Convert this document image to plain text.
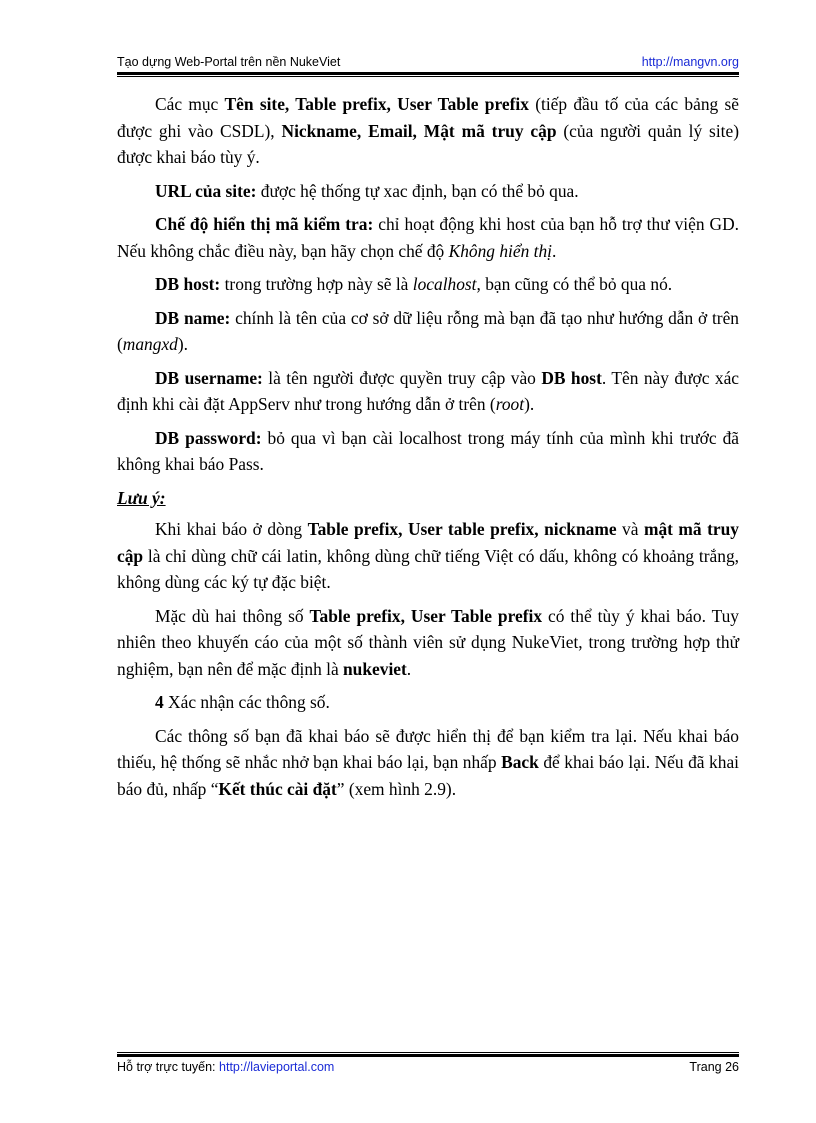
Tạo dựng Web-Portal trên nền NukeViet	http://mangvn.org

Các mục Tên site, Table prefix, User Table prefix (tiếp đầu tố của các bảng sẽ được ghi vào CSDL), Nickname, Email, Mật mã truy cập (của người quản lý site) được khai báo tùy ý.

URL của site: được hệ thống tự xac định, bạn có thể bỏ qua.

Chế độ hiển thị mã kiểm tra: chỉ hoạt động khi host của bạn hỗ trợ thư viện GD. Nếu không chắc điều này, bạn hãy chọn chế độ Không hiển thị.

DB host: trong trường hợp này sẽ là localhost, bạn cũng có thể bỏ qua nó.

DB name: chính là tên của cơ sở dữ liệu rỗng mà bạn đã tạo như hướng dẫn ở trên (mangxd).

DB username: là tên người được quyền truy cập vào DB host. Tên này được xác định khi cài đặt AppServ như trong hướng dẫn ở trên (root).

DB password: bỏ qua vì bạn cài localhost trong máy tính của mình khi trước đã không khai báo Pass.

Lưu ý:

Khi khai báo ở dòng Table prefix, User table prefix, nickname và mật mã truy cập là chỉ dùng chữ cái latin, không dùng chữ tiếng Việt có dấu, không có khoảng trắng, không dùng các ký tự đặc biệt.

Mặc dù hai thông số Table prefix, User Table prefix có thể tùy ý khai báo. Tuy nhiên theo khuyến cáo của một số thành viên sử dụng NukeViet, trong trường hợp thử nghiệm, bạn nên để mặc định là nukeviet.

4 Xác nhận các thông số.

Các thông số bạn đã khai báo sẽ được hiển thị để bạn kiểm tra lại. Nếu khai báo thiếu, hệ thống sẽ nhắc nhở bạn khai báo lại, bạn nhấp Back để khai báo lại. Nếu đã khai báo đủ, nhấp “Kết thúc cài đặt” (xem hình 2.9).

Hỗ trợ trực tuyến: http://lavieportal.com	Trang 26
